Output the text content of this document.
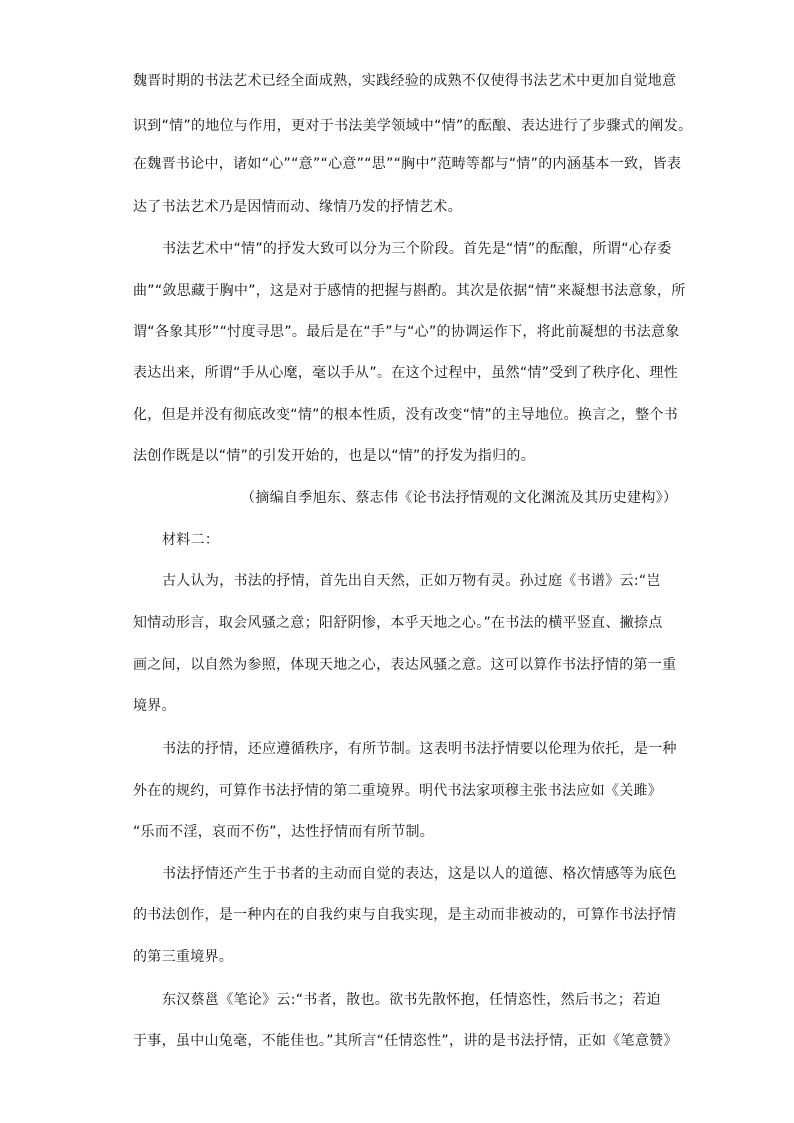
魏晋时期的书法艺术已经全面成熟，实践经验的成熟不仅使得书法艺术中更加自觉地意
识到“情”的地位与作用，更对于书法美学领域中“情”的酝酿、表达进行了步骤式的阐发。
在魏晋书论中，诸如“心”“意”“心意”“思”“胸中”范畴等都与“情”的内涵基本一致，皆表
达了书法艺术乃是因情而动、缘情乃发的抒情艺术。
书法艺术中“情”的抒发大致可以分为三个阶段。首先是“情”的酝酿，所谓“心存委
曲”“敛思藏于胸中”，这是对于感情的把握与斟酌。其次是依据“情”来凝想书法意象，所
谓“各象其形”“忖度寻思”。最后是在“手”与“心”的协调运作下，将此前凝想的书法意象
表达出来，所谓“手从心麾，毫以手从”。在这个过程中，虽然“情”受到了秩序化、理性
化，但是并没有彻底改变“情”的根本性质，没有改变“情”的主导地位。换言之，整个书
法创作既是以“情”的引发开始的，也是以“情”的抒发为指归的。
（摘编自季旭东、蔡志伟《论书法抒情观的文化渊流及其历史建构》）
材料二：
古人认为，书法的抒情，首先出自天然，正如万物有灵。孙过庭《书谱》云:“岂
知情动形言，取会风骚之意；阳舒阴惨，本乎天地之心。”在书法的横平竖直、撇捺点
画之间，以自然为参照，体现天地之心，表达风骚之意。这可以算作书法抒情的第一重
境界。
书法的抒情，还应遵循秩序，有所节制。这表明书法抒情要以伦理为依托，是一种
外在的规约，可算作书法抒情的第二重境界。明代书法家项穆主张书法应如《关雎》
“乐而不淫，哀而不伤”，达性抒情而有所节制。
书法抒情还产生于书者的主动而自觉的表达，这是以人的道德、格次情感等为底色
的书法创作，是一种内在的自我约束与自我实现，是主动而非被动的，可算作书法抒情
的第三重境界。
东汉蔡邕《笔论》云:“书者，散也。欲书先散怀抱，任情恣性，然后书之；若迫
于事，虽中山兔毫，不能佳也。”其所言“任情恣性”，讲的是书法抒情，正如《笔意赞》
